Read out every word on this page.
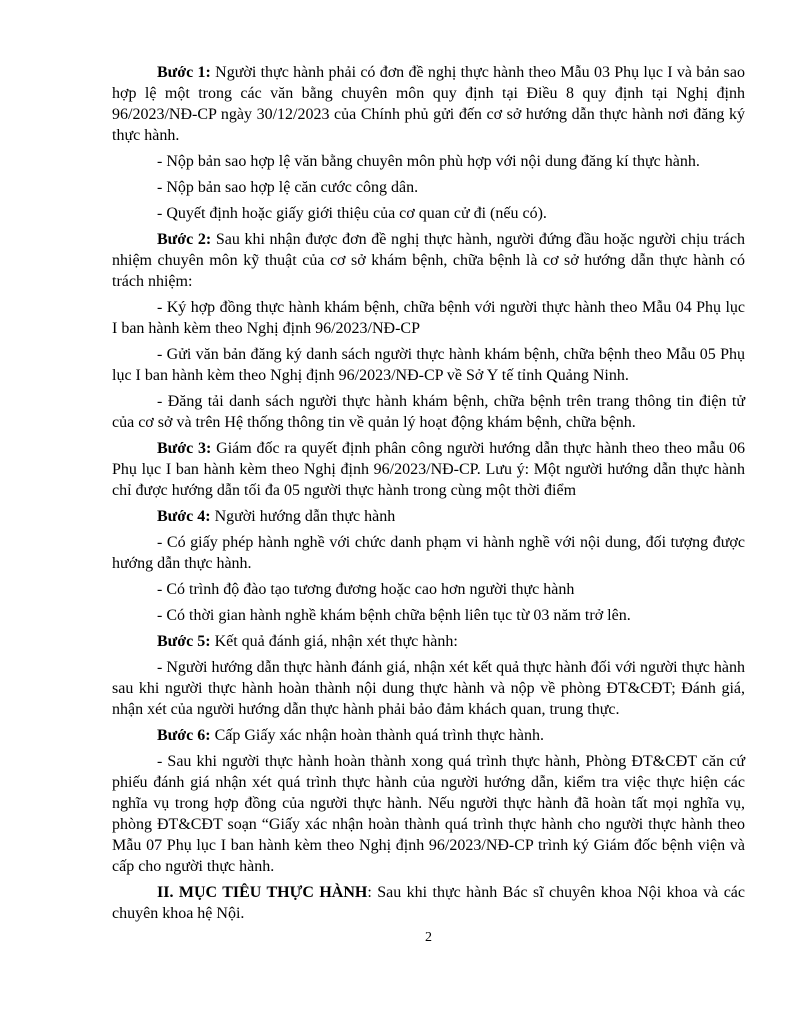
Bước 1: Người thực hành phải có đơn đề nghị thực hành theo Mẫu 03 Phụ lục I và bản sao hợp lệ một trong các văn bằng chuyên môn quy định tại Điều 8 quy định tại Nghị định 96/2023/NĐ-CP ngày 30/12/2023 của Chính phủ gửi đến cơ sở hướng dẫn thực hành nơi đăng ký thực hành.

- Nộp bản sao hợp lệ văn bằng chuyên môn phù hợp với nội dung đăng kí thực hành.

- Nộp bản sao hợp lệ căn cước công dân.

- Quyết định hoặc giấy giới thiệu của cơ quan cử đi (nếu có).

Bước 2: Sau khi nhận được đơn đề nghị thực hành, người đứng đầu hoặc người chịu trách nhiệm chuyên môn kỹ thuật của cơ sở khám bệnh, chữa bệnh là cơ sở hướng dẫn thực hành có trách nhiệm:

- Ký hợp đồng thực hành khám bệnh, chữa bệnh với người thực hành theo Mẫu 04 Phụ lục I ban hành kèm theo Nghị định 96/2023/NĐ-CP

- Gửi văn bản đăng ký danh sách người thực hành khám bệnh, chữa bệnh theo Mẫu 05 Phụ lục I ban hành kèm theo Nghị định 96/2023/NĐ-CP về Sở Y tế tỉnh Quảng Ninh.

- Đăng tải danh sách người thực hành khám bệnh, chữa bệnh trên trang thông tin điện tử của cơ sở và trên Hệ thống thông tin về quản lý hoạt động khám bệnh, chữa bệnh.

Bước 3: Giám đốc ra quyết định phân công người hướng dẫn thực hành theo theo mẫu 06 Phụ lục I ban hành kèm theo Nghị định 96/2023/NĐ-CP. Lưu ý: Một người hướng dẫn thực hành chỉ được hướng dẫn tối đa 05 người thực hành trong cùng một thời điểm

Bước 4: Người hướng dẫn thực hành

- Có giấy phép hành nghề với chức danh phạm vi hành nghề với nội dung, đối tượng được hướng dẫn thực hành.

- Có trình độ đào tạo tương đương hoặc cao hơn người thực hành

- Có thời gian hành nghề khám bệnh chữa bệnh liên tục từ 03 năm trở lên.

Bước 5: Kết quả đánh giá, nhận xét thực hành:

- Người hướng dẫn thực hành đánh giá, nhận xét kết quả thực hành đối với người thực hành sau khi người thực hành hoàn thành nội dung thực hành và nộp về phòng ĐT&CĐT; Đánh giá, nhận xét của người hướng dẫn thực hành phải bảo đảm khách quan, trung thực.

Bước 6: Cấp Giấy xác nhận hoàn thành quá trình thực hành.

- Sau khi người thực hành hoàn thành xong quá trình thực hành, Phòng ĐT&CĐT căn cứ phiếu đánh giá nhận xét quá trình thực hành của người hướng dẫn, kiểm tra việc thực hiện các nghĩa vụ trong hợp đồng của người thực hành. Nếu người thực hành đã hoàn tất mọi nghĩa vụ, phòng ĐT&CĐT soạn “Giấy xác nhận hoàn thành quá trình thực hành cho người thực hành theo Mẫu 07 Phụ lục I ban hành kèm theo Nghị định 96/2023/NĐ-CP trình ký Giám đốc bệnh viện và cấp cho người thực hành.

II. MỤC TIÊU THỰC HÀNH: Sau khi thực hành Bác sĩ chuyên khoa Nội khoa và các chuyên khoa hệ Nội.

2
